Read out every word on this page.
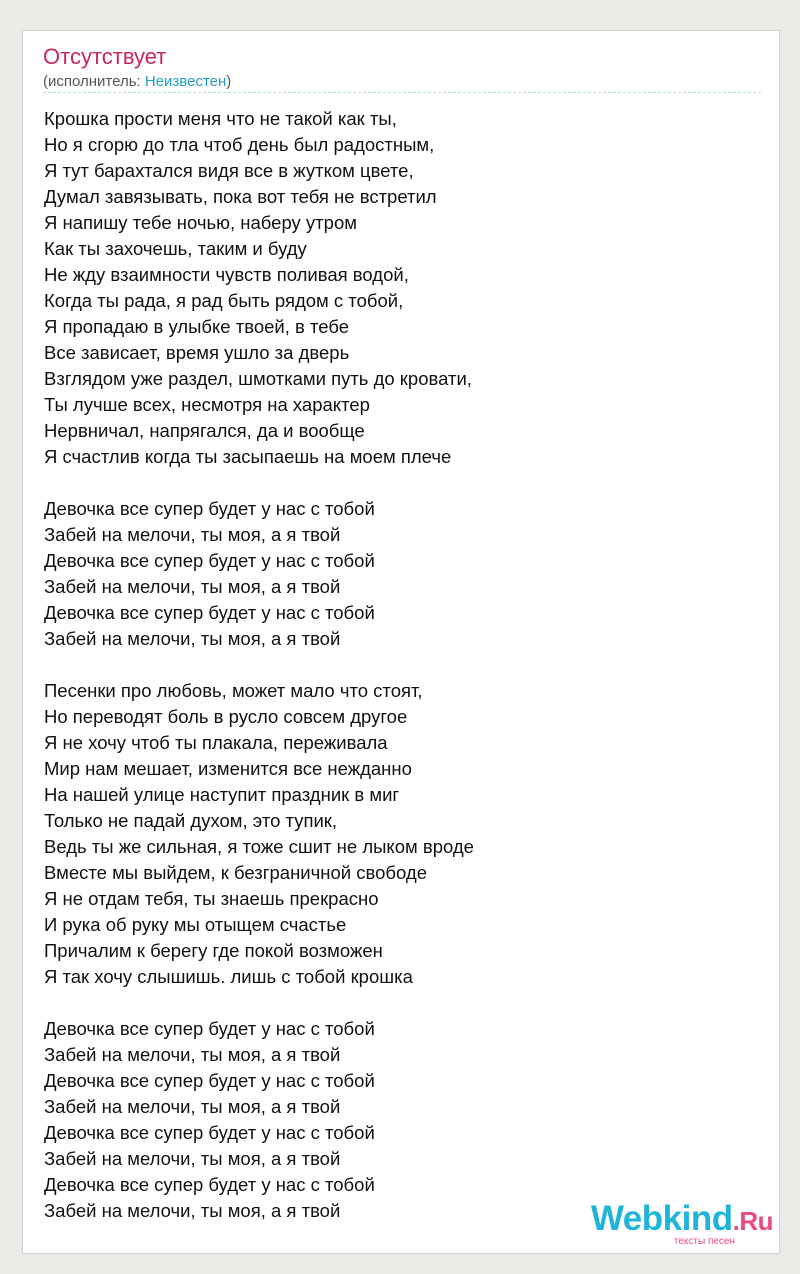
Отсутствует
(исполнитель: Неизвестен)
Крошка прости меня что не такой как ты,
Но я сгорю до тла чтоб день был радостным,
Я тут барахтался видя все в жутком цвете,
Думал завязывать, пока вот тебя не встретил
Я напишу тебе ночью, наберу утром
Как ты захочешь, таким и буду
Не жду взаимности чувств поливая водой,
Когда ты рада, я рад быть рядом с тобой,
Я пропадаю в улыбке твоей, в тебе
Все зависает, время ушло за дверь
Взглядом уже раздел, шмотками путь до кровати,
Ты лучше всех, несмотря на характер
Нервничал, напрягался, да и вообще
Я счастлив когда ты засыпаешь на моем плече
Девочка все супер будет у нас с тобой
Забей на мелочи, ты моя, а я твой
Девочка все супер будет у нас с тобой
Забей на мелочи, ты моя, а я твой
Девочка все супер будет у нас с тобой
Забей на мелочи, ты моя, а я твой
Песенки про любовь, может мало что стоят,
Но переводят боль в русло совсем другое
Я не хочу чтоб ты плакала, переживала
Мир нам мешает, изменится все нежданно
На нашей улице наступит праздник в миг
Только не падай духом, это тупик,
Ведь ты же сильная, я тоже сшит не лыком вроде
Вместе мы выйдем, к безграничной свободе
Я не отдам тебя, ты знаешь прекрасно
И рука об руку мы отыщем счастье
Причалим к берегу где покой возможен
Я так хочу слышишь. лишь с тобой крошка
Девочка все супер будет у нас с тобой
Забей на мелочи, ты моя, а я твой
Девочка все супер будет у нас с тобой
Забей на мелочи, ты моя, а я твой
Девочка все супер будет у нас с тобой
Забей на мелочи, ты моя, а я твой
Девочка все супер будет у нас с тобой
Забей на мелочи, ты моя, а я твой	Webkind.Ru
тексты песен
